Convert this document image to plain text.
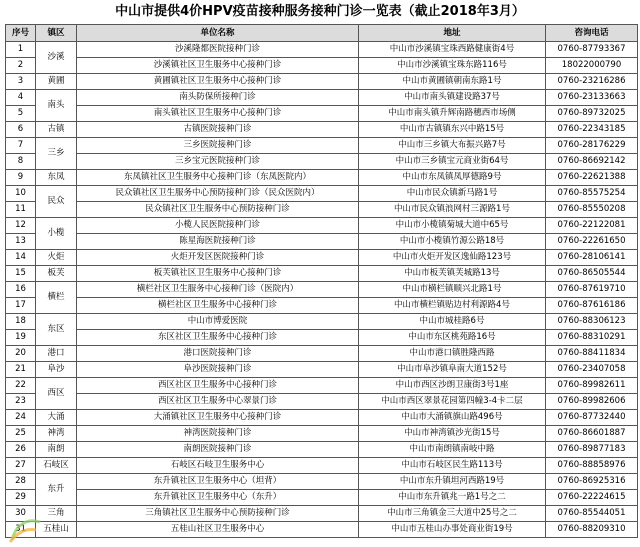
中山市提供4价HPV疫苗接种服务接种门诊一览表（截止2018年3月）
序号	镇区	单位名称	地址	咨询电话
1	沙溪	沙溪隆都医院接种门诊	中山市沙溪镇宝珠西路健康街4号	0760-87793367
2		沙溪镇社区卫生服务中心接种门诊	中山市沙溪镇宝珠东路116号	18022000790
3	黄圃	黄圃镇社区卫生服务中心接种门诊	中山市黄圃镇朝南东路1号	0760-23216286
4	南头	南头防保所接种门诊	中山市南头镇建设路37号	0760-23133663
5		南头镇社区卫生服务中心接种门诊	中山市南头镇升辉南路穗西市场侧	0760-89732025
6	古镇	古镇医院接种门诊	中山市古镇镇东兴中路15号	0760-22343185
7	三乡	三乡医院接种门诊	中山市三乡镇大布振兴路7号	0760-28176229
8		三乡宝元医院接种门诊	中山市三乡镇宝元商业街64号	0760-86692142
9	东凤	东凤镇社区卫生服务中心接种门诊（东凤医院内）	中山市东凤镇凤厚德路9号	0760-22621388
10	民众	民众镇社区卫生服务中心预防接种门诊（民众医院内）	中山市民众镇新马路1号	0760-85575254
11		民众镇社区卫生服务中心预防接种门诊	中山市民众镇浪网村三源路1号	0760-85550208
12	小榄	小榄人民医院接种门诊	中山市小榄镇菊城大道中65号	0760-22122081
13		陈星海医院接种门诊	中山市小榄镇竹源公路18号	0760-22261650
14	火炬	火炬开发区医院接种门诊	中山市火炬开发区逸仙路123号	0760-28106141
15	板芙	板芙镇社区卫生服务中心接种门诊	中山市板芙镇芙城路13号	0760-86505544
16	横栏	横栏社区卫生服务中心接种门诊（医院内）	中山市横栏镇顺兴北路1号	0760-87619710
17		横栏社区卫生服务中心接种门诊	中山市横栏镇贴边村利源路4号	0760-87616186
18	东区	中山市博爱医院	中山市城桂路6号	0760-88306123
19		东区社区卫生服务中心接种门诊	中山市东区桃苑路16号	0760-88310291
20	港口	港口医院接种门诊	中山市港口镇胜隆西路	0760-88411834
21	阜沙	阜沙医院接种门诊	中山市阜沙镇阜南大道152号	0760-23407058
22	西区	西区社区卫生服务中心接种门诊	中山市西区沙朗卫康街3号1座	0760-89982611
23		西区社区卫生服务中心翠景门诊	中山市西区翠景花园第四幢3-4卡二层	0760-89982606
24	大涌	大涌镇社区卫生服务中心接种门诊	中山市大涌镇旗山路496号	0760-87732440
25	神湾	神湾医院接种门诊	中山市神湾镇沙光街15号	0760-86601887
26	南朗	南朗医院接种门诊	中山市南朗镇南岐中路	0760-89877183
27	石岐区	石岐区石岐卫生服务中心	中山市石岐区民生路113号	0760-88858976
28	东升	东升镇社区卫生服务中心（坦背）	中山市东升镇坦河西路19号	0760-86925316
29		东升镇社区卫生服务中心（东升）	中山市东升镇兆一路1号之二	0760-22224615
30	三角	三角镇社区卫生服务中心预防接种门诊	中山市三角镇金三大道中25号之二	0760-85544051
31	五桂山	五桂山社区卫生服务中心	中山市五桂山办事处商业街19号	0760-88209310
